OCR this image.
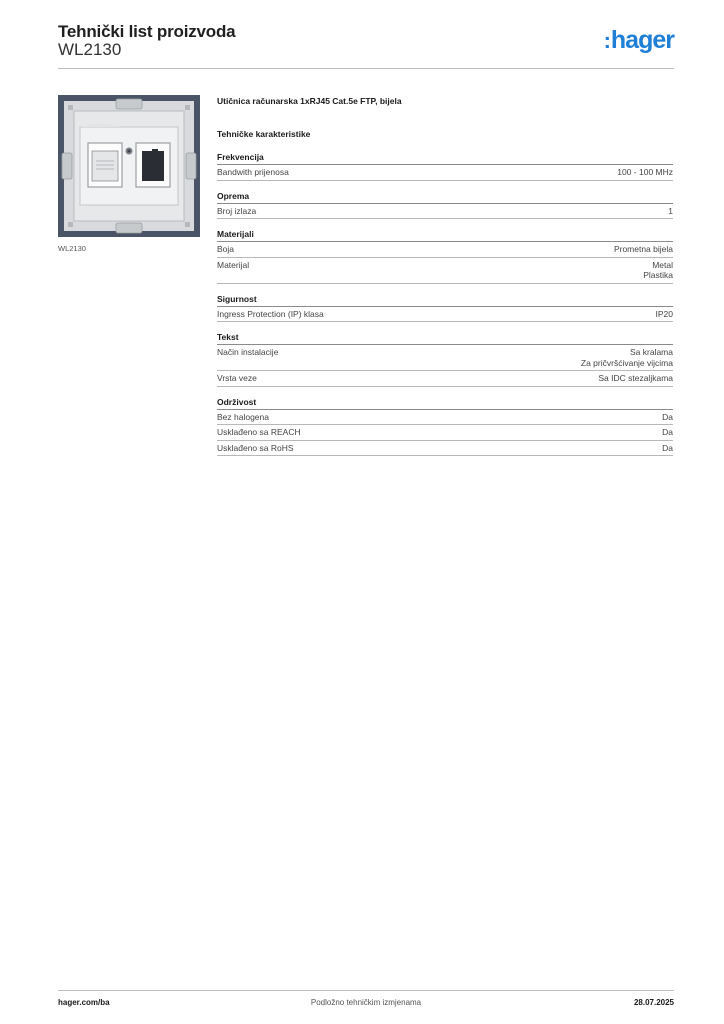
Tehnički list proizvoda
WL2130	:hager
WL2130
Utičnica računarska 1xRJ45 Cat.5e FTP, bijela
Tehničke karakteristike
Frekvencija
Bandwith prijenosa	100 - 100 MHz
Oprema
Broj izlaza	1
Materijali
Boja	Prometna bijela
Materijal	Metal
Plastika
Sigurnost
Ingress Protection (IP) klasa	IP20
Tekst
Način instalacije	Sa kralama
Za pričvršćivanje vijcima
Vrsta veze	Sa IDC stezaljkama
Održivost
Bez halogena	Da
Usklađeno sa REACH	Da
Usklađeno sa RoHS	Da
hager.com/ba	Podložno tehničkim izmjenama	28.07.2025
